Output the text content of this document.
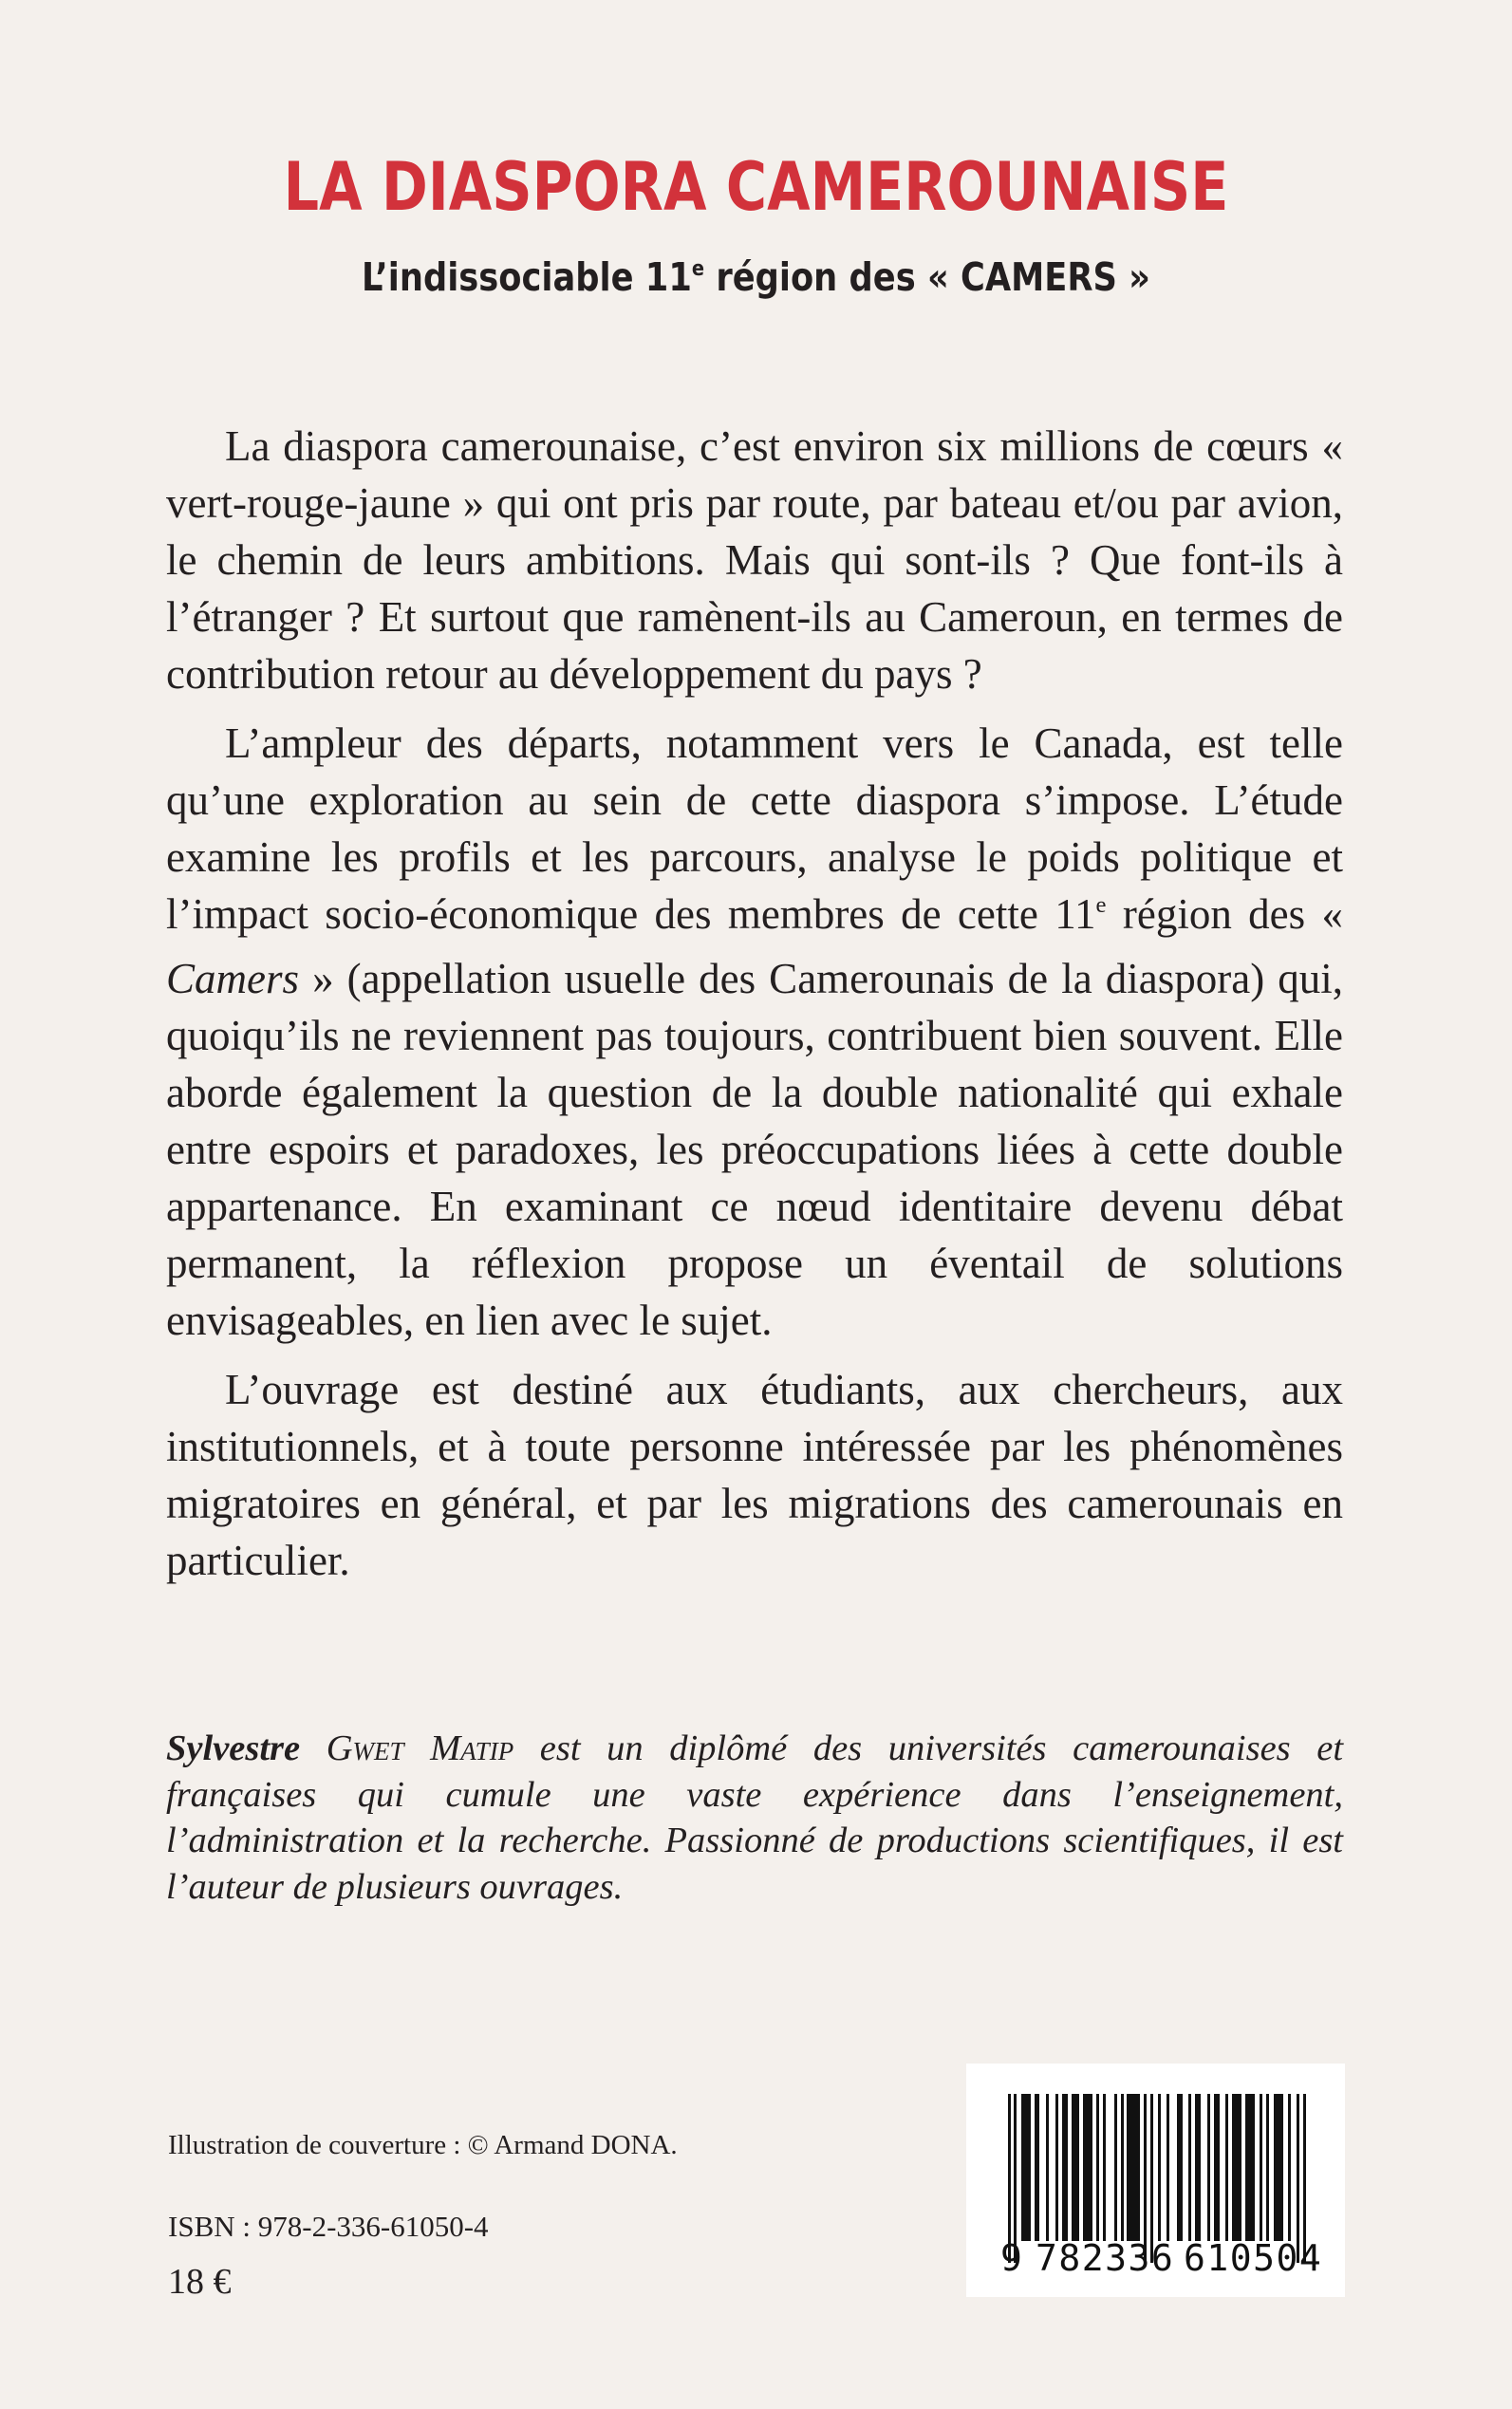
LA DIASPORA CAMEROUNAISE
L’indissociable 11e région des « CAMERS »

La diaspora camerounaise, c’est environ six millions de cœurs « vert-rouge-jaune » qui ont pris par route, par bateau et/ou par avion, le chemin de leurs ambitions. Mais qui sont-ils ? Que font-ils à l’étranger ? Et surtout que ramènent-ils au Cameroun, en termes de contribution retour au développement du pays ?

L’ampleur des départs, notamment vers le Canada, est telle qu’une exploration au sein de cette diaspora s’impose. L’étude examine les profils et les parcours, analyse le poids politique et l’impact socio-économique des membres de cette 11e région des « Camers » (appellation usuelle des Camerounais de la diaspora) qui, quoiqu’ils ne reviennent pas toujours, contribuent bien souvent. Elle aborde également la question de la double nationalité qui exhale entre espoirs et paradoxes, les préoccupations liées à cette double appartenance. En examinant ce nœud identitaire devenu débat permanent, la réflexion propose un éventail de solutions envisageables, en lien avec le sujet.

L’ouvrage est destiné aux étudiants, aux chercheurs, aux institutionnels, et à toute personne intéressée par les phénomènes migratoires en général, et par les migrations des camerounais en particulier.

Sylvestre Gwet Matip est un diplômé des universités camerounaises et françaises qui cumule une vaste expérience dans l’enseignement, l’administration et la recherche. Passionné de productions scientifiques, il est l’auteur de plusieurs ouvrages.
Illustration de couverture : © Armand DONA.
ISBN : 978-2-336-61050-4
18 €
9 782336 610504
